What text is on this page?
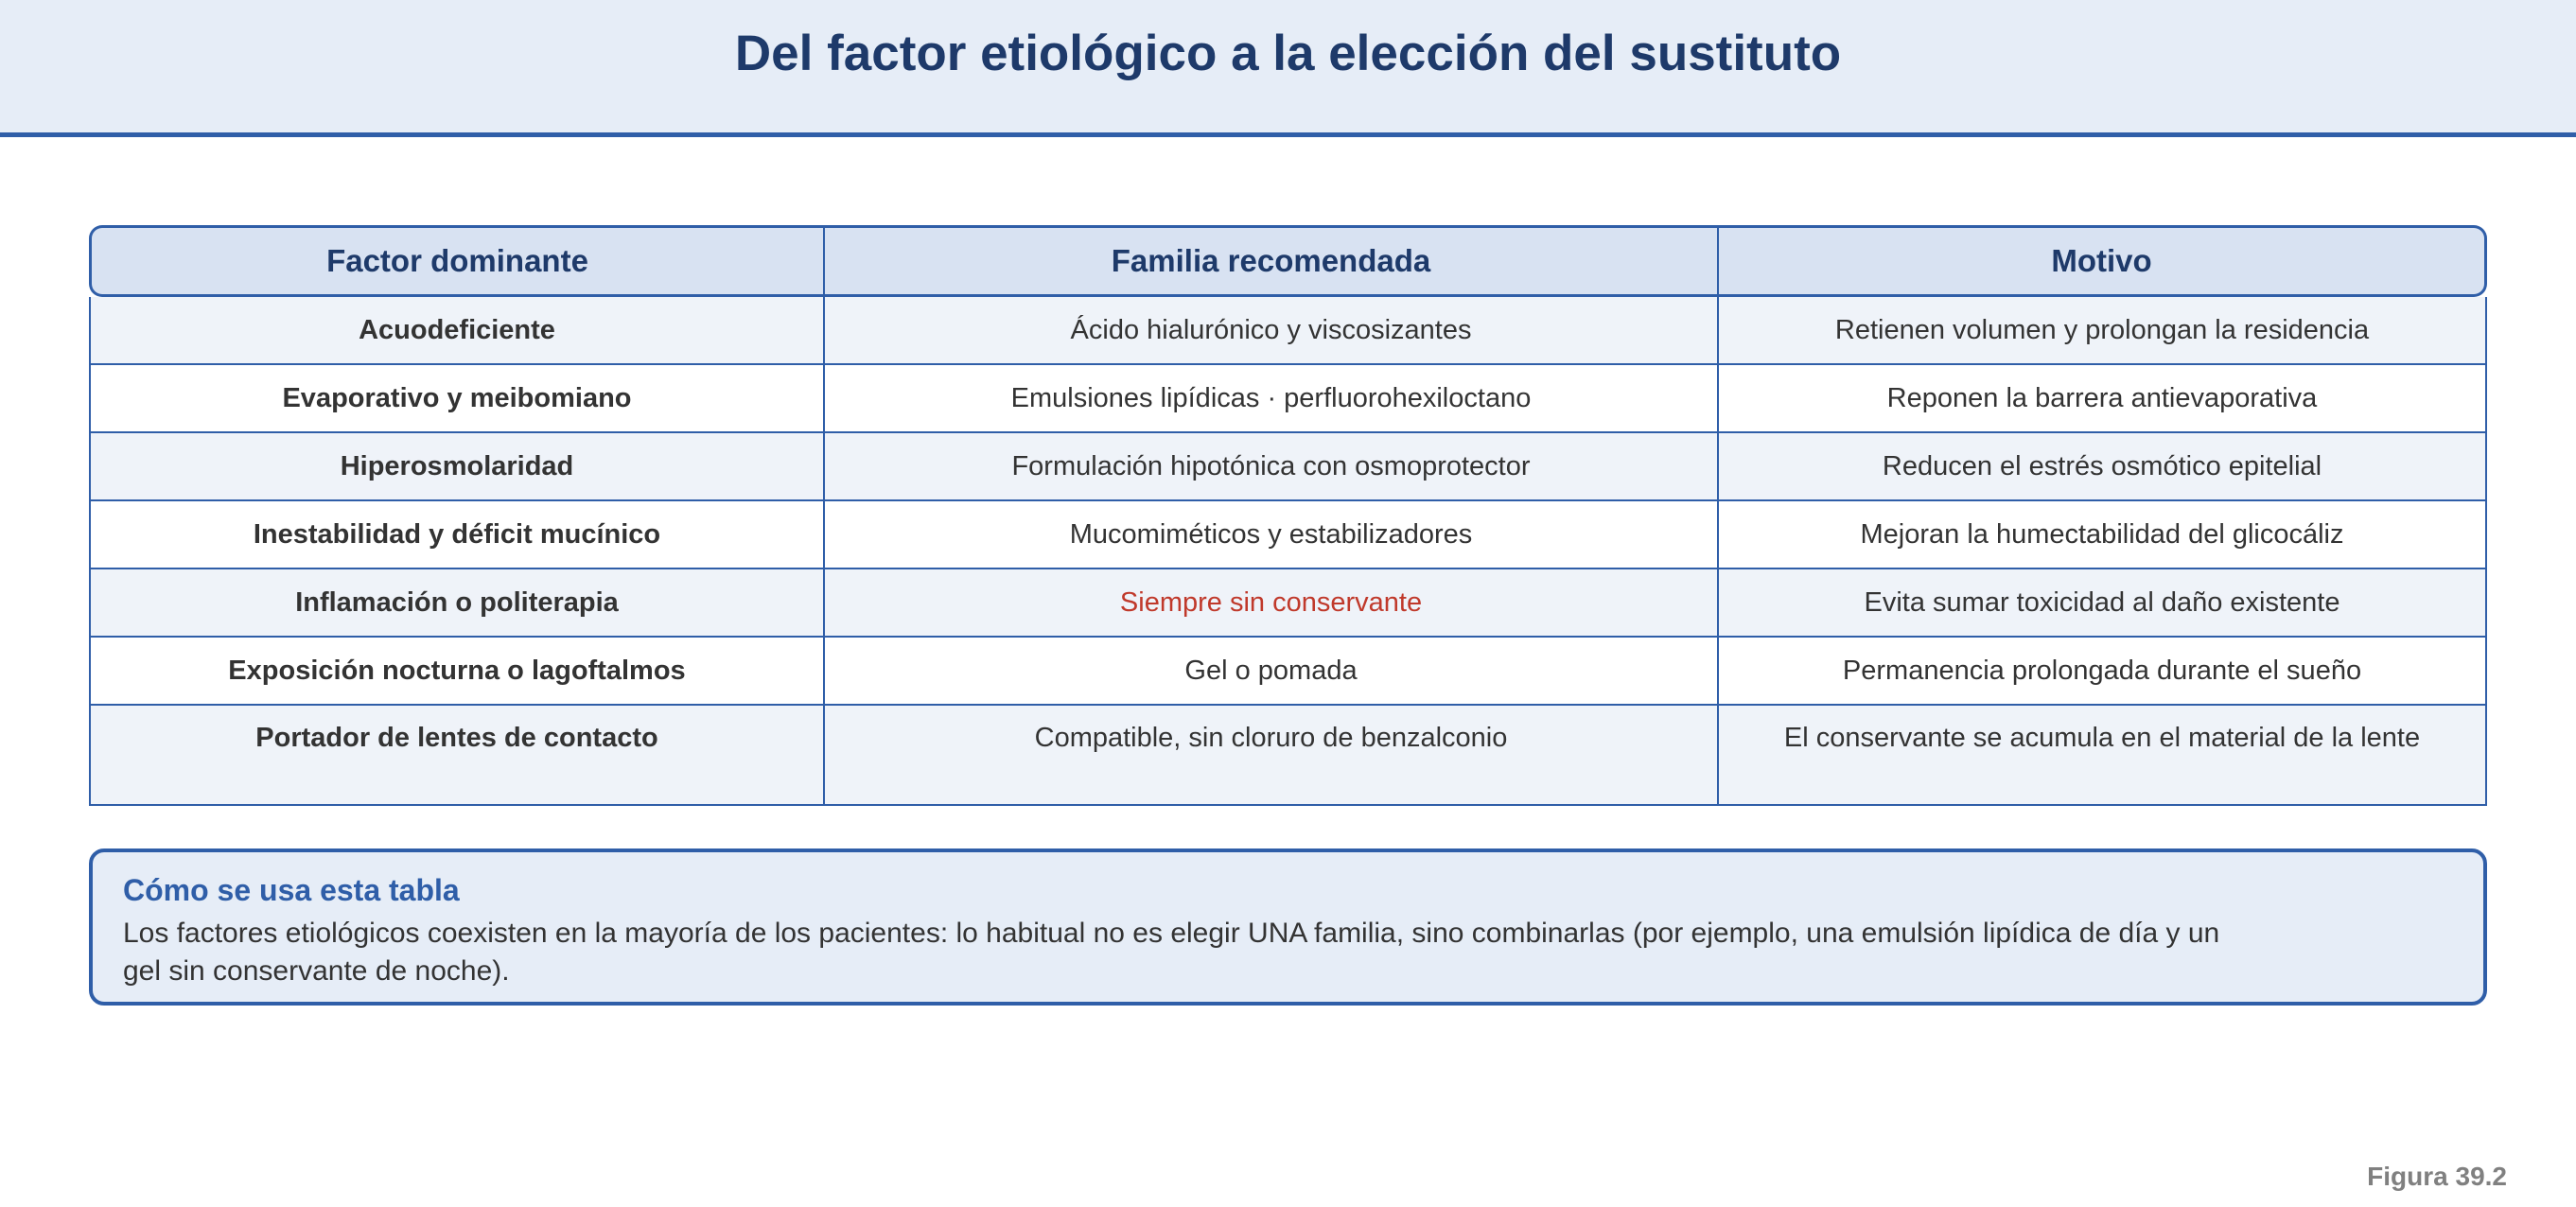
Del factor etiológico a la elección del sustituto
Factor dominante	Familia recomendada	Motivo
Acuodeficiente	Ácido hialurónico y viscosizantes	Retienen volumen y prolongan la residencia
Evaporativo y meibomiano	Emulsiones lipídicas · perfluorohexiloctano	Reponen la barrera antievaporativa
Hiperosmolaridad	Formulación hipotónica con osmoprotector	Reducen el estrés osmótico epitelial
Inestabilidad y déficit mucínico	Mucomiméticos y estabilizadores	Mejoran la humectabilidad del glicocáliz
Inflamación o politerapia	Siempre sin conservante	Evita sumar toxicidad al daño existente
Exposición nocturna o lagoftalmos	Gel o pomada	Permanencia prolongada durante el sueño
Portador de lentes de contacto	Compatible, sin cloruro de benzalconio	El conservante se acumula en el material de la lente
Cómo se usa esta tabla
Los factores etiológicos coexisten en la mayoría de los pacientes: lo habitual no es elegir UNA familia, sino combinarlas (por ejemplo, una emulsión lipídica de día y un gel sin conservante de noche).
Figura 39.2
